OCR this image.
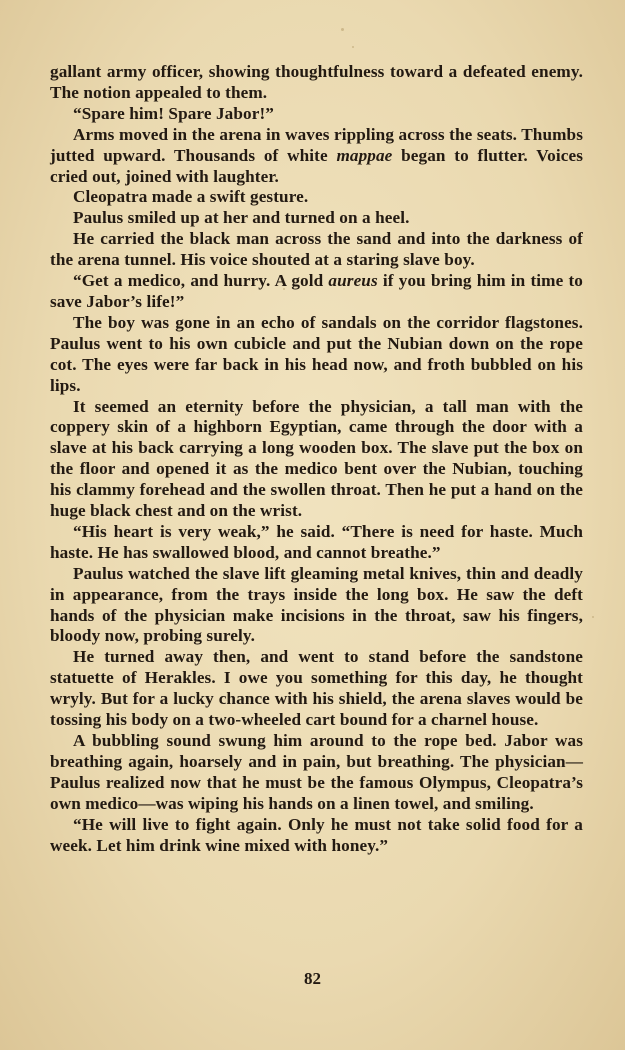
gallant army officer, showing thoughtfulness toward a defeated enemy. The notion appealed to them.

“Spare him! Spare Jabor!”

Arms moved in the arena in waves rippling across the seats. Thumbs jutted upward. Thousands of white mappae began to flutter. Voices cried out, joined with laughter.

Cleopatra made a swift gesture.

Paulus smiled up at her and turned on a heel.

He carried the black man across the sand and into the darkness of the arena tunnel. His voice shouted at a staring slave boy.

“Get a medico, and hurry. A gold aureus if you bring him in time to save Jabor’s life!”

The boy was gone in an echo of sandals on the corridor flagstones. Paulus went to his own cubicle and put the Nubian down on the rope cot. The eyes were far back in his head now, and froth bubbled on his lips.

It seemed an eternity before the physician, a tall man with the coppery skin of a highborn Egyptian, came through the door with a slave at his back carrying a long wooden box. The slave put the box on the floor and opened it as the medico bent over the Nubian, touching his clammy forehead and the swollen throat. Then he put a hand on the huge black chest and on the wrist.

“His heart is very weak,” he said. “There is need for haste. Much haste. He has swallowed blood, and cannot breathe.”

Paulus watched the slave lift gleaming metal knives, thin and deadly in appearance, from the trays inside the long box. He saw the deft hands of the physician make incisions in the throat, saw his fingers, bloody now, probing surely.

He turned away then, and went to stand before the sandstone statuette of Herakles. I owe you something for this day, he thought wryly. But for a lucky chance with his shield, the arena slaves would be tossing his body on a two-wheeled cart bound for a charnel house.

A bubbling sound swung him around to the rope bed. Jabor was breathing again, hoarsely and in pain, but breathing. The physician—Paulus realized now that he must be the famous Olympus, Cleopatra’s own medico—was wiping his hands on a linen towel, and smiling.

“He will live to fight again. Only he must not take solid food for a week. Let him drink wine mixed with honey.”

82
